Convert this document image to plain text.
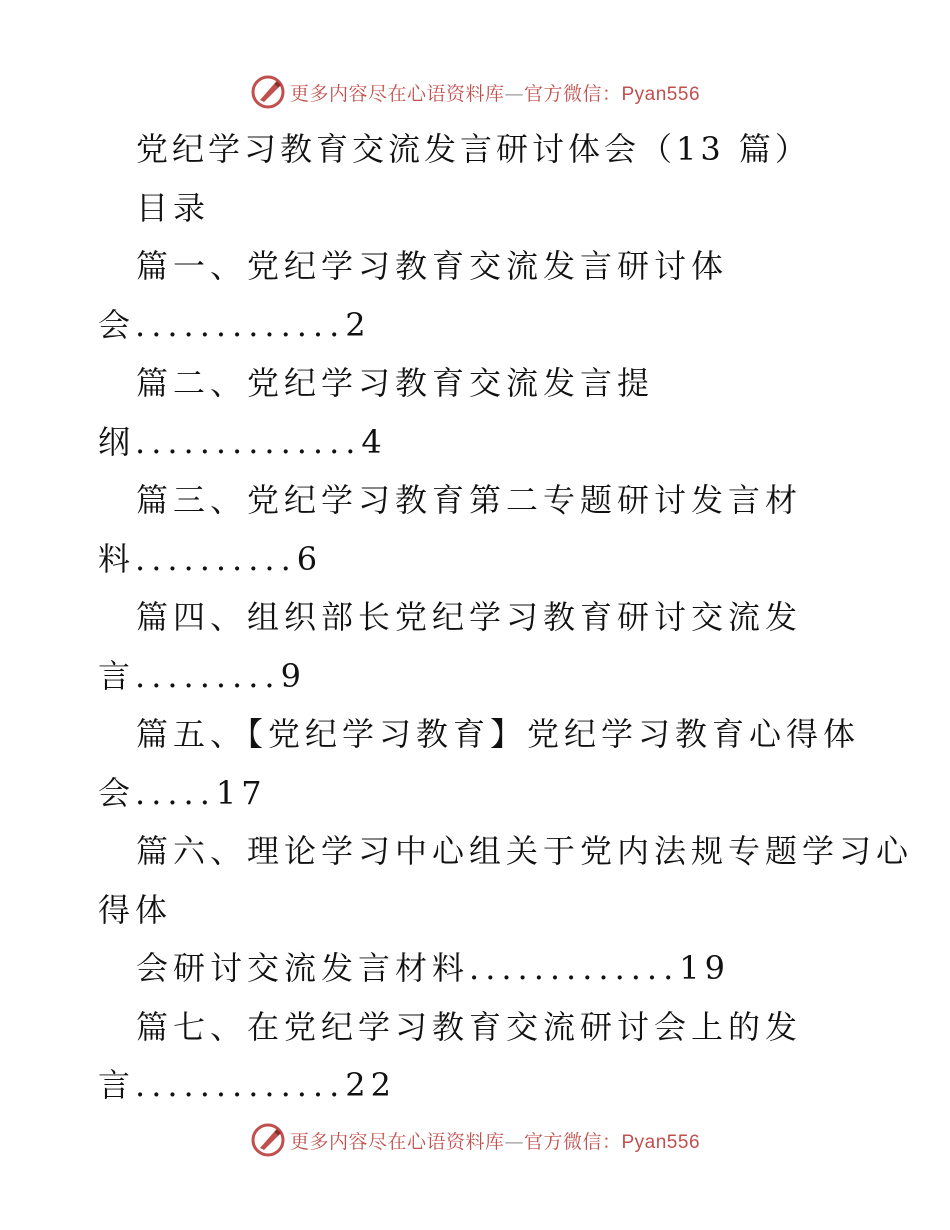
更多内容尽在心语资料库—官方微信：Pyan556
党纪学习教育交流发言研讨体会（13 篇）
目录
篇一、党纪学习教育交流发言研讨体
会.............2
篇二、党纪学习教育交流发言提
纲..............4
篇三、党纪学习教育第二专题研讨发言材
料..........6
篇四、组织部长党纪学习教育研讨交流发
言.........9
篇五、【党纪学习教育】党纪学习教育心得体
会.....17
篇六、理论学习中心组关于党内法规专题学习心
得体
会研讨交流发言材料.............19
篇七、在党纪学习教育交流研讨会上的发
言.............22
更多内容尽在心语资料库—官方微信：Pyan556
